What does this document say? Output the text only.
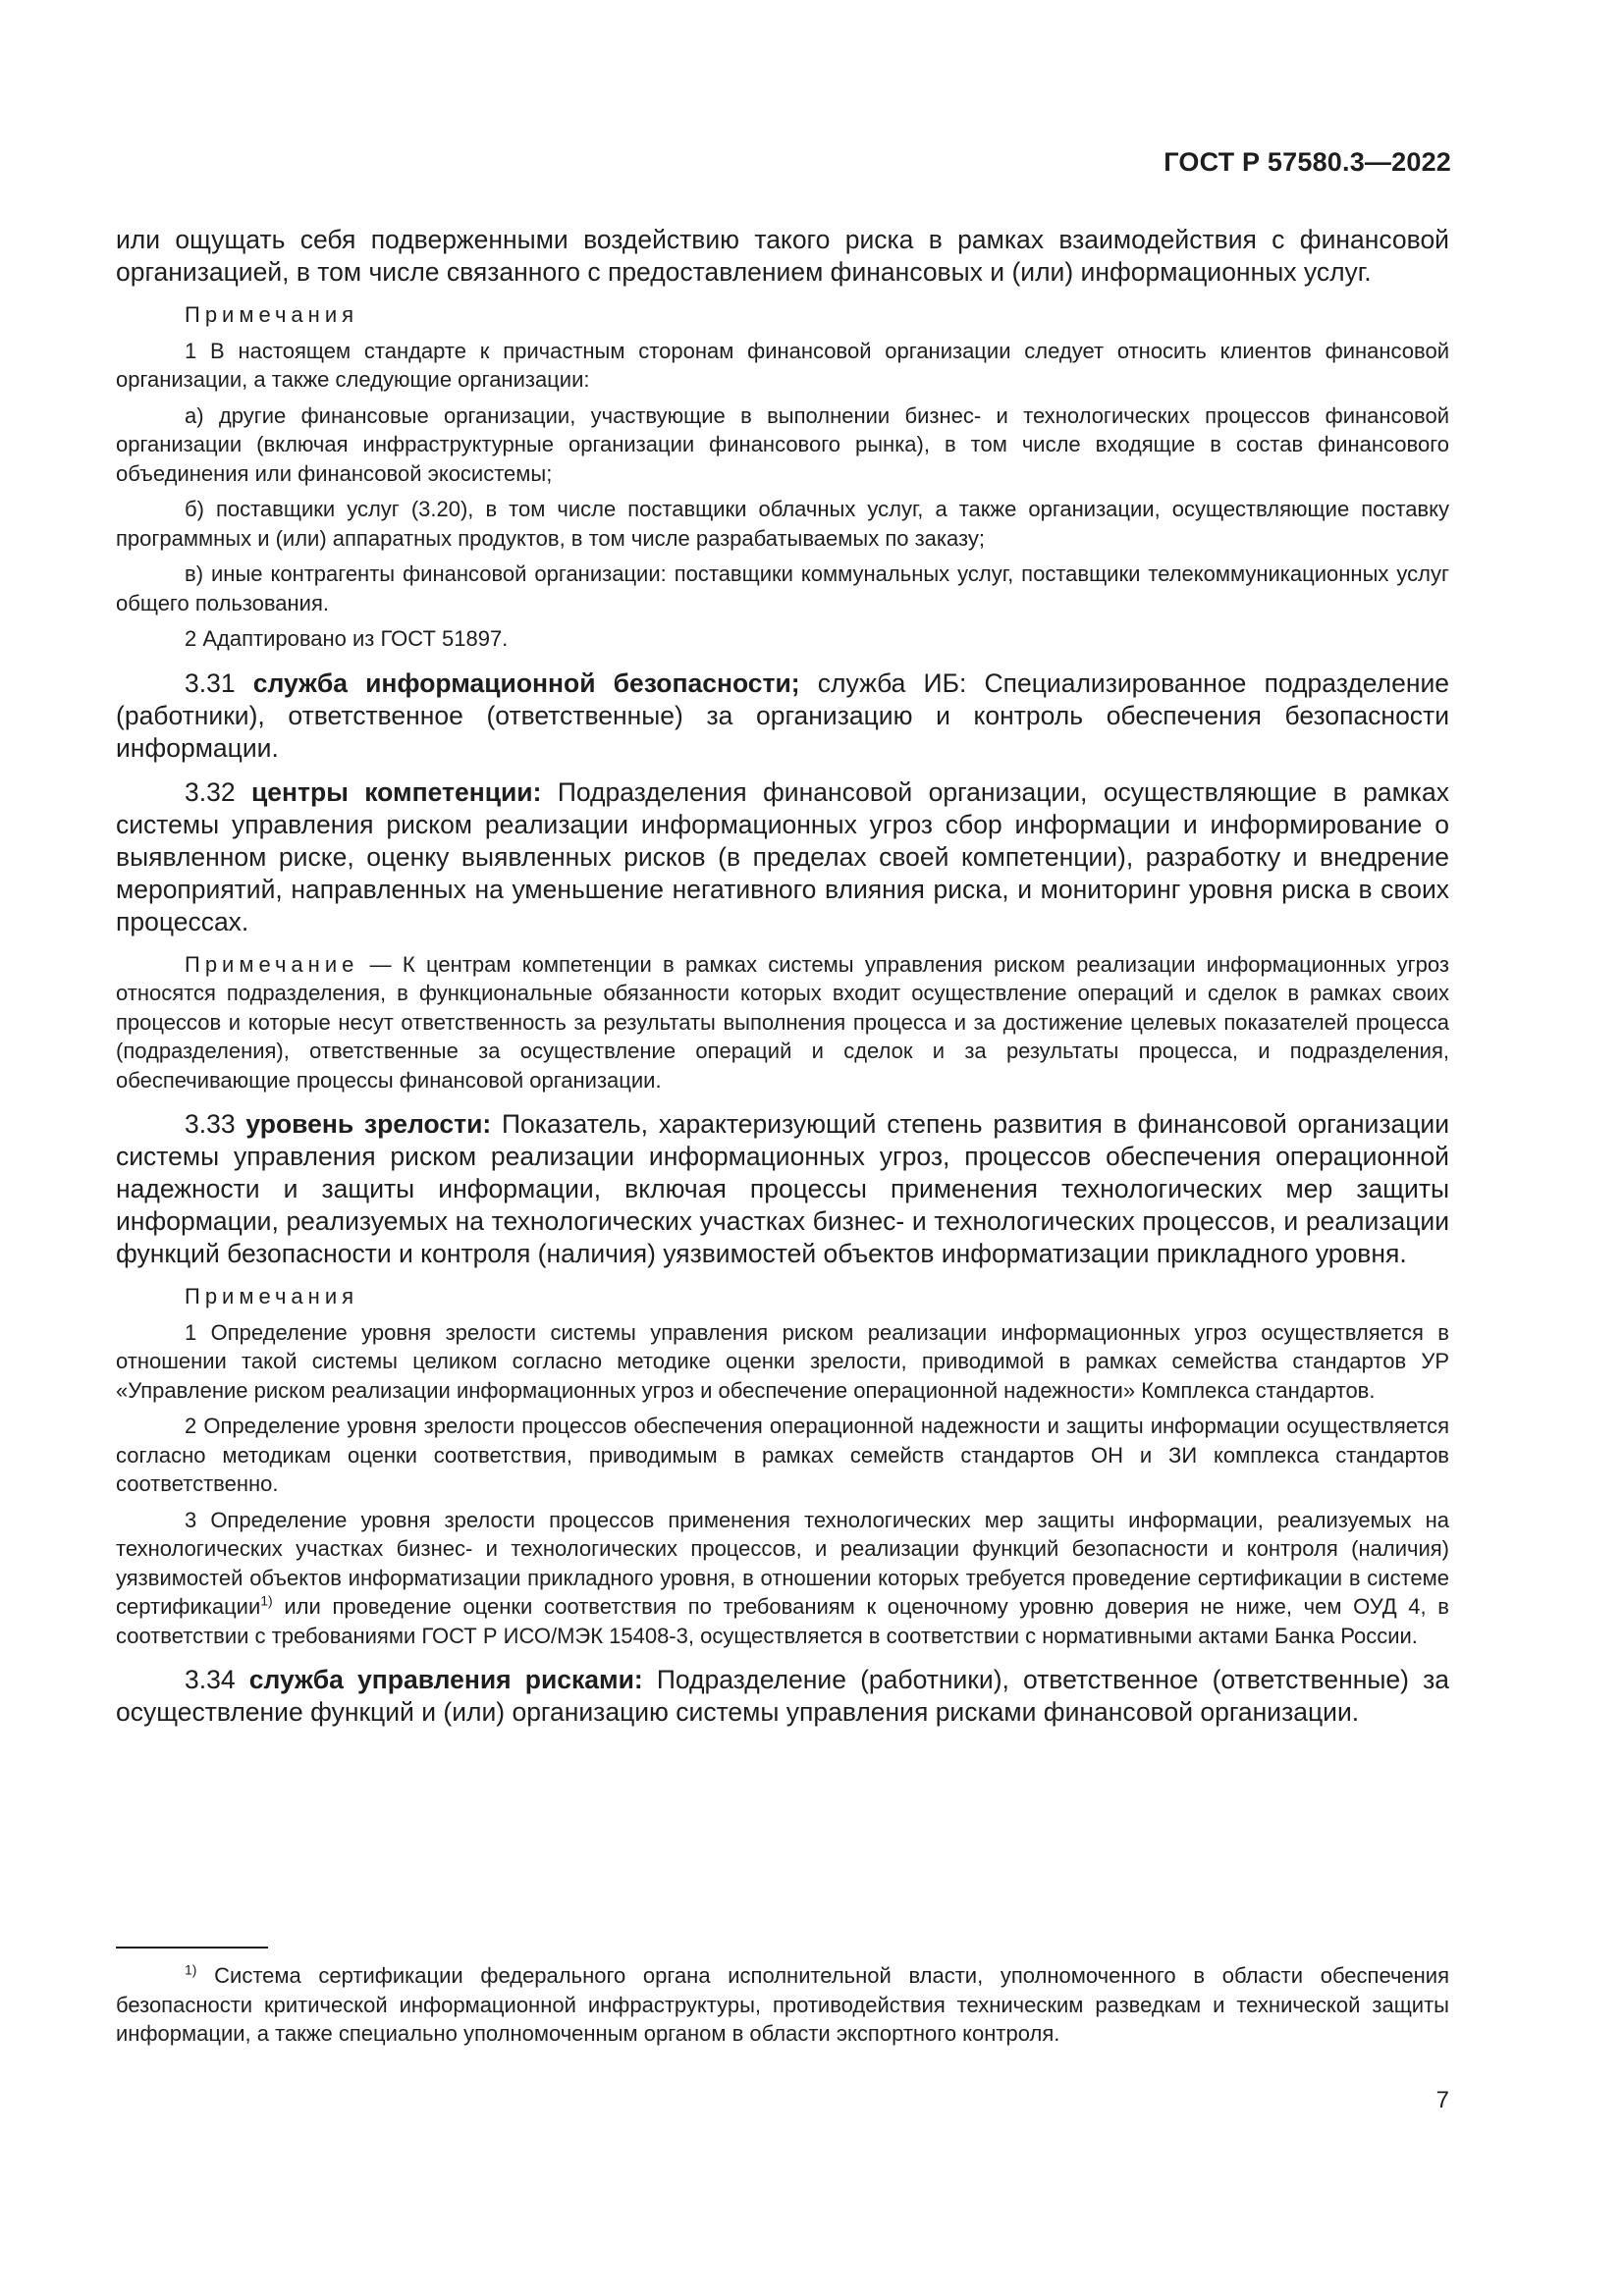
ГОСТ Р 57580.3—2022

или ощущать себя подверженными воздействию такого риска в рамках взаимодействия с финансовой организацией, в том числе связанного с предоставлением финансовых и (или) информационных услуг.

Примечания

1 В настоящем стандарте к причастным сторонам финансовой организации следует относить клиентов финансовой организации, а также следующие организации:

а) другие финансовые организации, участвующие в выполнении бизнес- и технологических процессов финансовой организации (включая инфраструктурные организации финансового рынка), в том числе входящие в состав финансового объединения или финансовой экосистемы;

б) поставщики услуг (3.20), в том числе поставщики облачных услуг, а также организации, осуществляющие поставку программных и (или) аппаратных продуктов, в том числе разрабатываемых по заказу;

в) иные контрагенты финансовой организации: поставщики коммунальных услуг, поставщики телекоммуникационных услуг общего пользования.

2 Адаптировано из ГОСТ 51897.

3.31 служба информационной безопасности; служба ИБ: Специализированное подразделение (работники), ответственное (ответственные) за организацию и контроль обеспечения безопасности информации.

3.32 центры компетенции: Подразделения финансовой организации, осуществляющие в рамках системы управления риском реализации информационных угроз сбор информации и информирование о выявленном риске, оценку выявленных рисков (в пределах своей компетенции), разработку и внедрение мероприятий, направленных на уменьшение негативного влияния риска, и мониторинг уровня риска в своих процессах.

Примечание — К центрам компетенции в рамках системы управления риском реализации информационных угроз относятся подразделения, в функциональные обязанности которых входит осуществление операций и сделок в рамках своих процессов и которые несут ответственность за результаты выполнения процесса и за достижение целевых показателей процесса (подразделения), ответственные за осуществление операций и сделок и за результаты процесса, и подразделения, обеспечивающие процессы финансовой организации.

3.33 уровень зрелости: Показатель, характеризующий степень развития в финансовой организации системы управления риском реализации информационных угроз, процессов обеспечения операционной надежности и защиты информации, включая процессы применения технологических мер защиты информации, реализуемых на технологических участках бизнес- и технологических процессов, и реализации функций безопасности и контроля (наличия) уязвимостей объектов информатизации прикладного уровня.

Примечания

1 Определение уровня зрелости системы управления риском реализации информационных угроз осуществляется в отношении такой системы целиком согласно методике оценки зрелости, приводимой в рамках семейства стандартов УР «Управление риском реализации информационных угроз и обеспечение операционной надежности» Комплекса стандартов.

2 Определение уровня зрелости процессов обеспечения операционной надежности и защиты информации осуществляется согласно методикам оценки соответствия, приводимым в рамках семейств стандартов ОН и ЗИ комплекса стандартов соответственно.

3 Определение уровня зрелости процессов применения технологических мер защиты информации, реализуемых на технологических участках бизнес- и технологических процессов, и реализации функций безопасности и контроля (наличия) уязвимостей объектов информатизации прикладного уровня, в отношении которых требуется проведение сертификации в системе сертификации$^{1)}$ или проведение оценки соответствия по требованиям к оценочному уровню доверия не ниже, чем ОУД 4, в соответствии с требованиями ГОСТ Р ИСО/МЭК 15408-3, осуществляется в соответствии с нормативными актами Банка России.

3.34 служба управления рисками: Подразделение (работники), ответственное (ответственные) за осуществление функций и (или) организацию системы управления рисками финансовой организации.

$^{1)}$ Система сертификации федерального органа исполнительной власти, уполномоченного в области обеспечения безопасности критической информационной инфраструктуры, противодействия техническим разведкам и технической защиты информации, а также специально уполномоченным органом в области экспортного контроля.

7
